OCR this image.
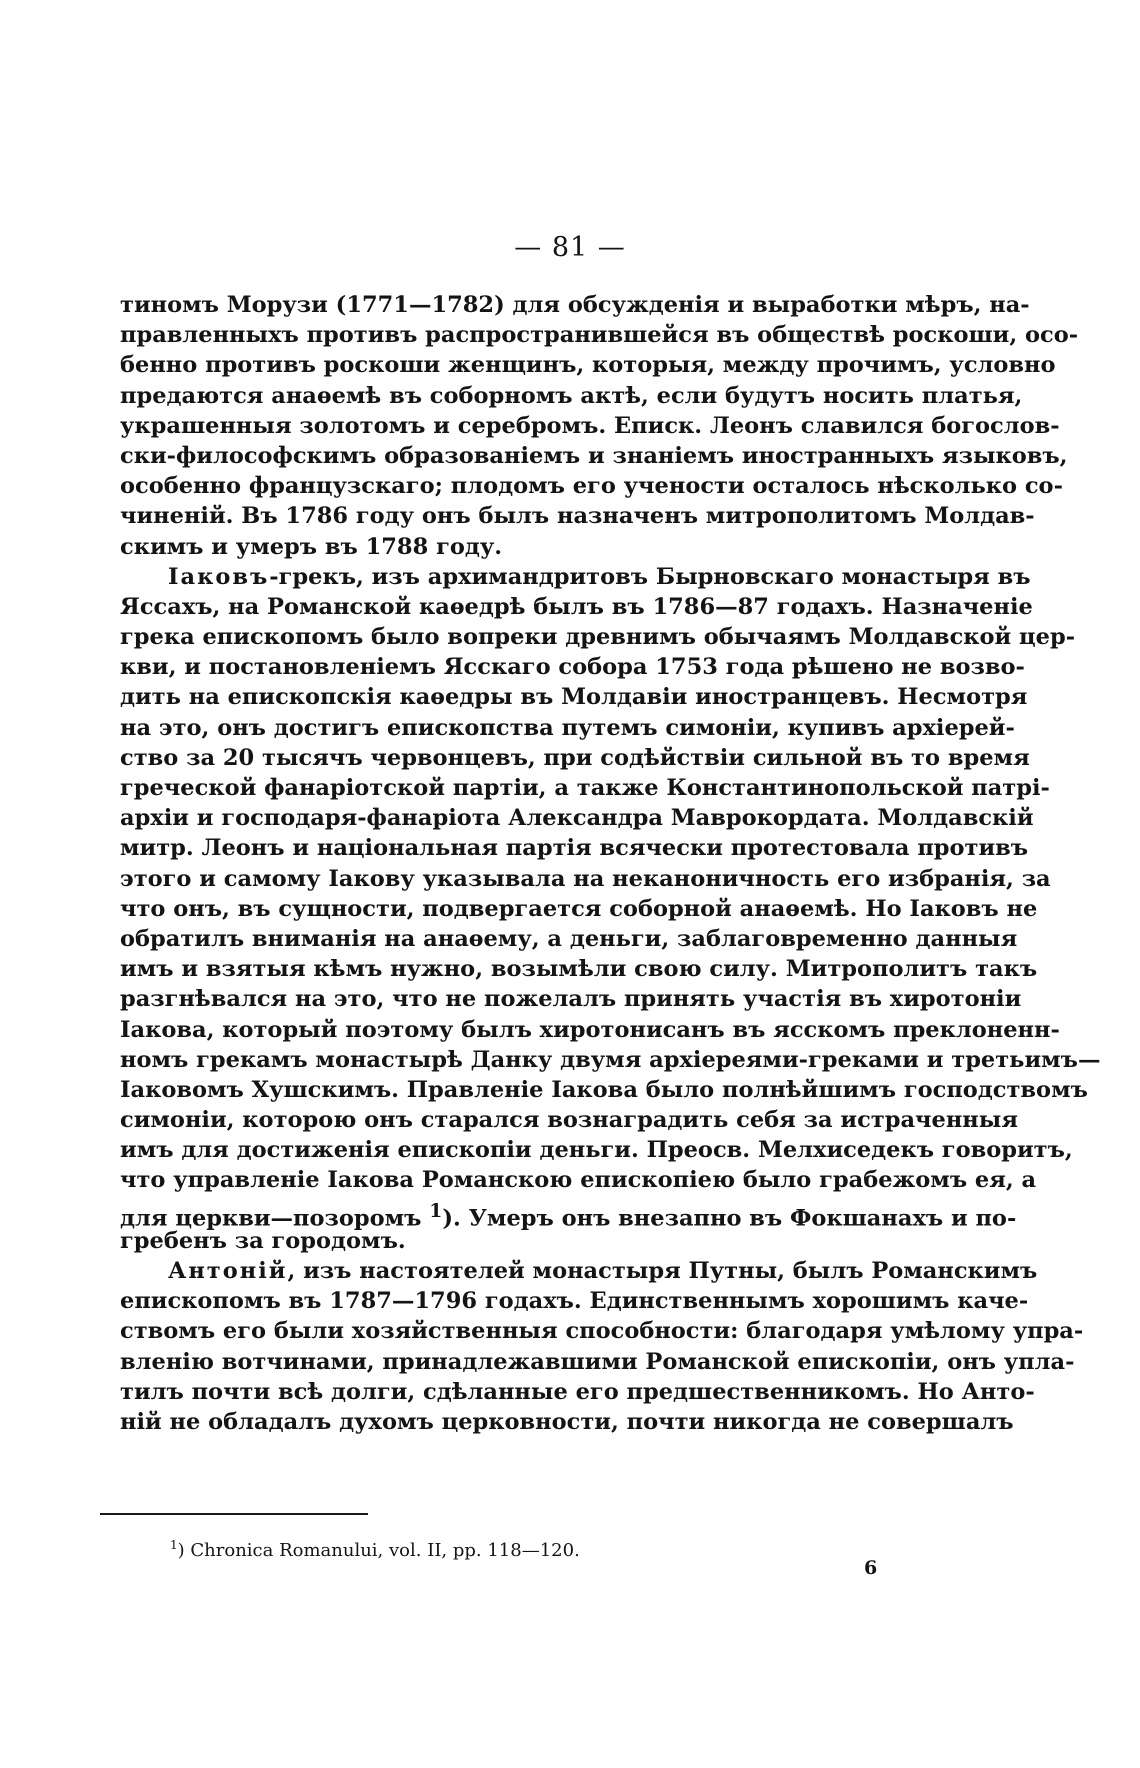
— 81 —
тиномъ Морузи (1771—1782) для обсужденія и выработки мѣръ, на-
правленныхъ противъ распространившейся въ обществѣ роскоши, осо-
бенно противъ роскоши женщинъ, которыя, между прочимъ, условно
предаются анаѳемѣ въ соборномъ актѣ, если будутъ носить платья,
украшенныя золотомъ и серебромъ. Еписк. Леонъ славился богослов-
ски-философскимъ образованіемъ и знаніемъ иностранныхъ языковъ,
особенно французскаго; плодомъ его учености осталось нѣсколько со-
чиненій. Въ 1786 году онъ былъ назначенъ митрополитомъ Молдав-
скимъ и умеръ въ 1788 году.
Іаковъ-грекъ, изъ архимандритовъ Бырновскаго монастыря въ
Яссахъ, на Романской каѳедрѣ былъ въ 1786—87 годахъ. Назначеніе
грека епископомъ было вопреки древнимъ обычаямъ Молдавской цер-
кви, и постановленіемъ Ясскаго собора 1753 года рѣшено не возво-
дить на епископскія каѳедры въ Молдавіи иностранцевъ. Несмотря
на это, онъ достигъ епископства путемъ симоніи, купивъ архіерей-
ство за 20 тысячъ червонцевъ, при содѣйствіи сильной въ то время
греческой фанаріотской партіи, а также Константинопольской патрі-
архіи и господаря-фанаріота Александра Маврокордата. Молдавскій
митр. Леонъ и національная партія всячески протестовала противъ
этого и самому Іакову указывала на неканоничность его избранія, за
что онъ, въ сущности, подвергается соборной анаѳемѣ. Но Іаковъ не
обратилъ вниманія на анаѳему, а деньги, заблаговременно данныя
имъ и взятыя кѣмъ нужно, возымѣли свою силу. Митрополитъ такъ
разгнѣвался на это, что не пожелалъ принять участія въ хиротоніи
Іакова, который поэтому былъ хиротонисанъ въ ясскомъ преклоненн-
номъ грекамъ монастырѣ Данку двумя архіереями-греками и третьимъ—
Іаковомъ Хушскимъ. Правленіе Іакова было полнѣйшимъ господствомъ
симоніи, которою онъ старался вознаградить себя за истраченныя
имъ для достиженія епископіи деньги. Преосв. Мелхиседекъ говоритъ,
что управленіе Іакова Романскою епископіею было грабежомъ ея, а
для церкви—позоромъ $^1$). Умеръ онъ внезапно въ Фокшанахъ и по-
гребенъ за городомъ.
Антоній, изъ настоятелей монастыря Путны, былъ Романскимъ
епископомъ въ 1787—1796 годахъ. Единственнымъ хорошимъ каче-
ствомъ его были хозяйственныя способности: благодаря умѣлому упра-
вленію вотчинами, принадлежавшими Романской епископіи, онъ упла-
тилъ почти всѣ долги, сдѣланные его предшественникомъ. Но Анто-
ній не обладалъ духомъ церковности, почти никогда не совершалъ
$^1$) Chronica Romanului, vol. II, pp. 118—120.
6
